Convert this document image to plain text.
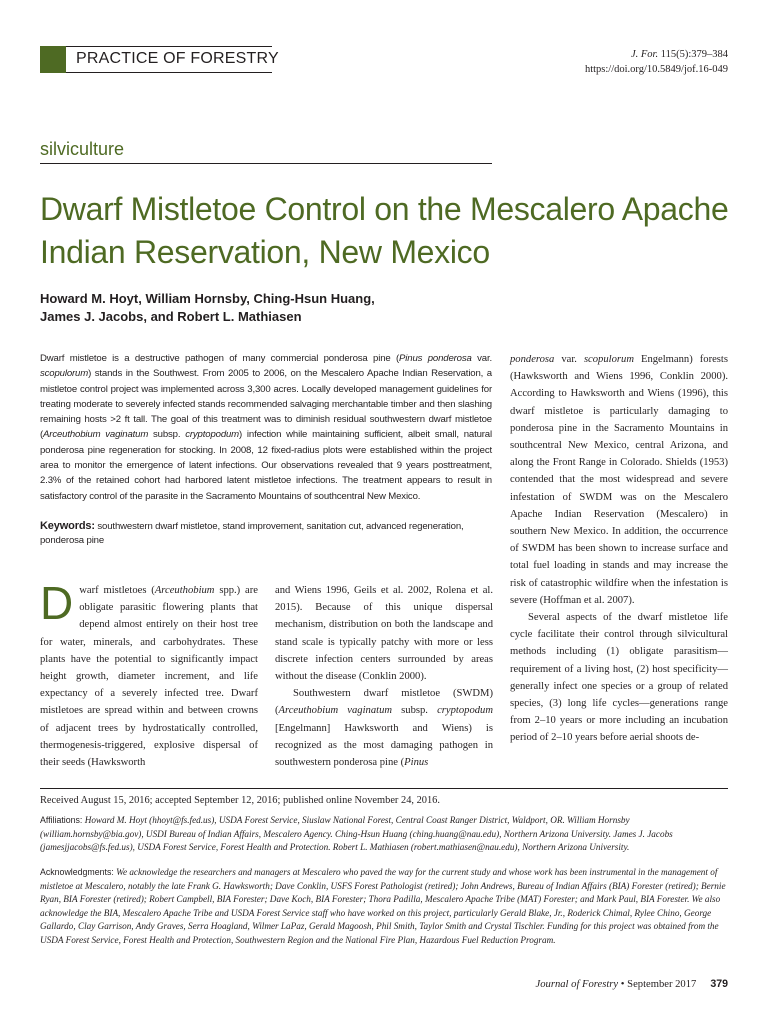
PRACTICE OF FORESTRY	J. For. 115(5):379–384
https://doi.org/10.5849/jof.16-049
silviculture
Dwarf Mistletoe Control on the Mescalero Apache Indian Reservation, New Mexico
Howard M. Hoyt, William Hornsby, Ching-Hsun Huang,
James J. Jacobs, and Robert L. Mathiasen
Dwarf mistletoe is a destructive pathogen of many commercial ponderosa pine (Pinus ponderosa var. scopulorum) stands in the Southwest. From 2005 to 2006, on the Mescalero Apache Indian Reservation, a mistletoe control project was implemented across 3,300 acres. Locally developed management guidelines for treating moderate to severely infected stands recommended salvaging merchantable timber and then slashing remaining hosts >2 ft tall. The goal of this treatment was to diminish residual southwestern dwarf mistletoe (Arceuthobium vaginatum subsp. cryptopodum) infection while maintaining sufficient, albeit small, natural ponderosa pine regeneration for stocking. In 2008, 12 fixed-radius plots were established within the project area to monitor the emergence of latent infections. Our observations revealed that 9 years posttreatment, 2.3% of the retained cohort had harbored latent mistletoe infections. The treatment appears to result in satisfactory control of the parasite in the Sacramento Mountains of southcentral New Mexico.
Keywords: southwestern dwarf mistletoe, stand improvement, sanitation cut, advanced regeneration, ponderosa pine

Dwarf mistletoes (Arceuthobium spp.) are obligate parasitic flowering plants that depend almost entirely on their host tree for water, minerals, and carbohydrates. These plants have the potential to significantly impact height growth, diameter increment, and life expectancy of a severely infected tree. Dwarf mistletoes are spread within and between crowns of adjacent trees by hydrostatically controlled, thermogenesis-triggered, explosive dispersal of their seeds (Hawksworth

and Wiens 1996, Geils et al. 2002, Rolena et al. 2015). Because of this unique dispersal mechanism, distribution on both the landscape and stand scale is typically patchy with more or less discrete infection centers surrounded by areas without the disease (Conklin 2000).

Southwestern dwarf mistletoe (SWDM) (Arceuthobium vaginatum subsp. cryptopodum [Engelmann] Hawksworth and Wiens) is recognized as the most damaging pathogen in southwestern ponderosa pine (Pinus

ponderosa var. scopulorum Engelmann) forests (Hawksworth and Wiens 1996, Conklin 2000). According to Hawksworth and Wiens (1996), this dwarf mistletoe is particularly damaging to ponderosa pine in the Sacramento Mountains in southcentral New Mexico, central Arizona, and along the Front Range in Colorado. Shields (1953) contended that the most widespread and severe infestation of SWDM was on the Mescalero Apache Indian Reservation (Mescalero) in southern New Mexico. In addition, the occurrence of SWDM has been shown to increase surface and total fuel loading in stands and may increase the risk of catastrophic wildfire when the infestation is severe (Hoffman et al. 2007).

Several aspects of the dwarf mistletoe life cycle facilitate their control through silvicultural methods including (1) obligate parasitism—requirement of a living host, (2) host specificity—generally infect one species or a group of related species, (3) long life cycles—generations range from 2–10 years or more including an incubation period of 2–10 years before aerial shoots de-

Received August 15, 2016; accepted September 12, 2016; published online November 24, 2016.
Affiliations: Howard M. Hoyt (hhoyt@fs.fed.us), USDA Forest Service, Siuslaw National Forest, Central Coast Ranger District, Waldport, OR. William Hornsby (william.hornsby@bia.gov), USDI Bureau of Indian Affairs, Mescalero Agency. Ching-Hsun Huang (ching.huang@nau.edu), Northern Arizona University. James J. Jacobs (jamesjjacobs@fs.fed.us), USDA Forest Service, Forest Health and Protection. Robert L. Mathiasen (robert.mathiasen@nau.edu), Northern Arizona University.
Acknowledgments: We acknowledge the researchers and managers at Mescalero who paved the way for the current study and whose work has been instrumental in the management of mistletoe at Mescalero, notably the late Frank G. Hawksworth; Dave Conklin, USFS Forest Pathologist (retired); John Andrews, Bureau of Indian Affairs (BIA) Forester (retired); Bernie Ryan, BIA Forester (retired); Robert Campbell, BIA Forester; Dave Koch, BIA Forester; Thora Padilla, Mescalero Apache Tribe (MAT) Forester; and Mark Paul, BIA Forester. We also acknowledge the BIA, Mescalero Apache Tribe and USDA Forest Service staff who have worked on this project, particularly Gerald Blake, Jr., Roderick Chimal, Rylee Chino, George Gallardo, Clay Garrison, Andy Graves, Serra Hoagland, Wilmer LaPaz, Gerald Magoosh, Phil Smith, Taylor Smith and Crystal Tischler. Funding for this project was obtained from the USDA Forest Service, Forest Health and Protection, Southwestern Region and the National Fire Plan, Hazardous Fuel Reduction Program.
Journal of Forestry • September 2017 379
